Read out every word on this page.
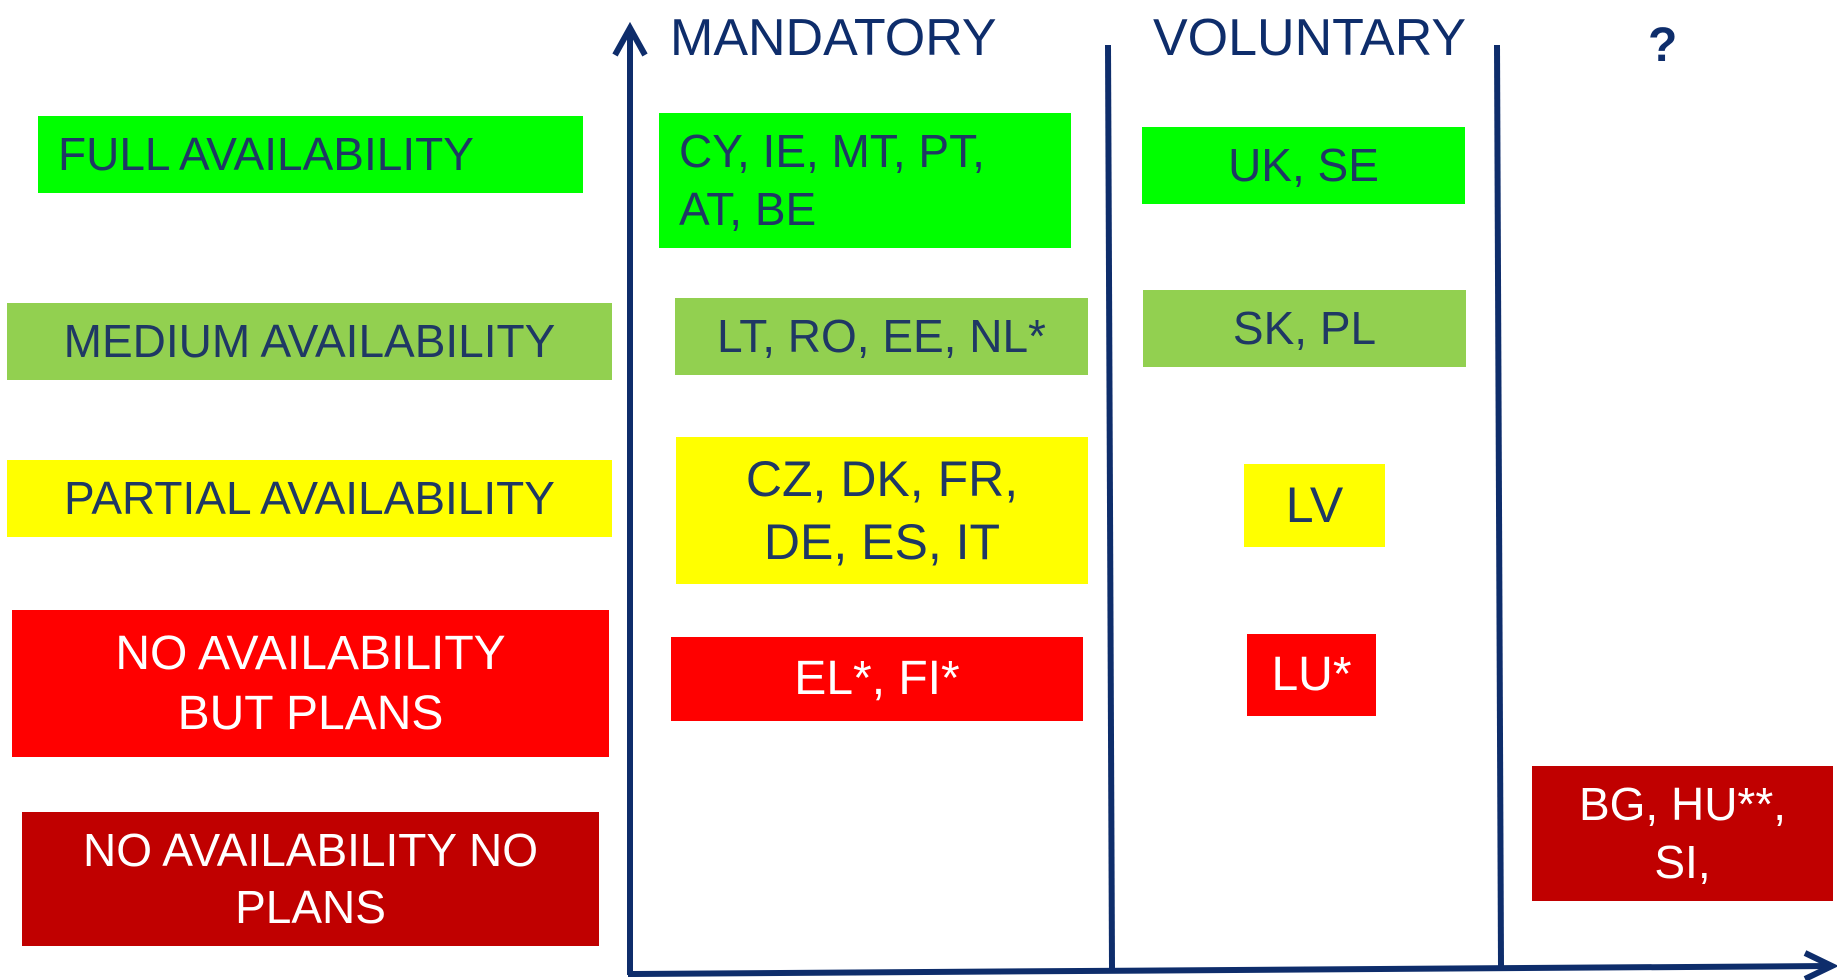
MANDATORY	VOLUNTARY	?
FULL AVAILABILITY
MEDIUM AVAILABILITY
PARTIAL AVAILABILITY
NO AVAILABILITY
BUT PLANS
NO AVAILABILITY NO
PLANS
CY, IE, MT, PT,
AT, BE
LT, RO, EE, NL*
CZ, DK, FR,
DE, ES, IT
EL*, FI*
UK, SE
SK, PL
LV
LU*
BG, HU**,
SI,
